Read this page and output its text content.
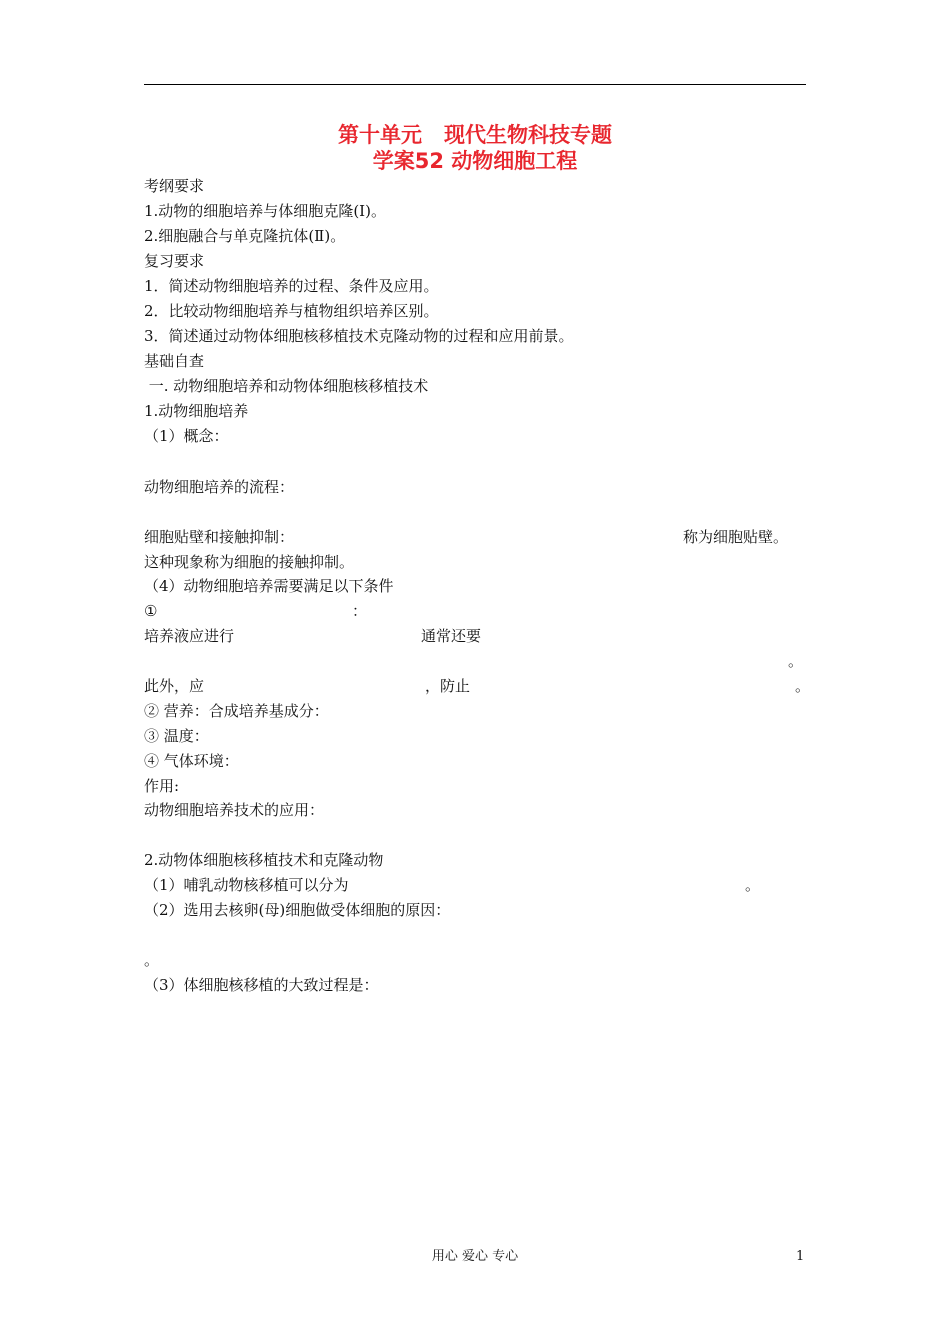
第十单元   现代生物科技专题
学案52 动物细胞工程
考纲要求
1.动物的细胞培养与体细胞克隆(Ⅰ)。
2.细胞融合与单克隆抗体(Ⅱ)。
复习要求
1．简述动物细胞培养的过程、条件及应用。
2．比较动物细胞培养与植物组织培养区别。
3．简述通过动物体细胞核移植技术克隆动物的过程和应用前景。
基础自查
一. 动物细胞培养和动物体细胞核移植技术
1.动物细胞培养
（1）概念：
动物细胞培养的流程：
细胞贴壁和接触抑制：	称为细胞贴壁。
这种现象称为细胞的接触抑制。
（4）动物细胞培养需要满足以下条件
①	：
培养液应进行	通常还要
。
此外，应	，防止	。
② 营养：合成培养基成分：
③ 温度：
④ 气体环境：
作用:
动物细胞培养技术的应用：
2.动物体细胞核移植技术和克隆动物
（1）哺乳动物核移植可以分为	。
（2）选用去核卵(母)细胞做受体细胞的原因：
。
（3）体细胞核移植的大致过程是：
用心 爱心 专心	1
